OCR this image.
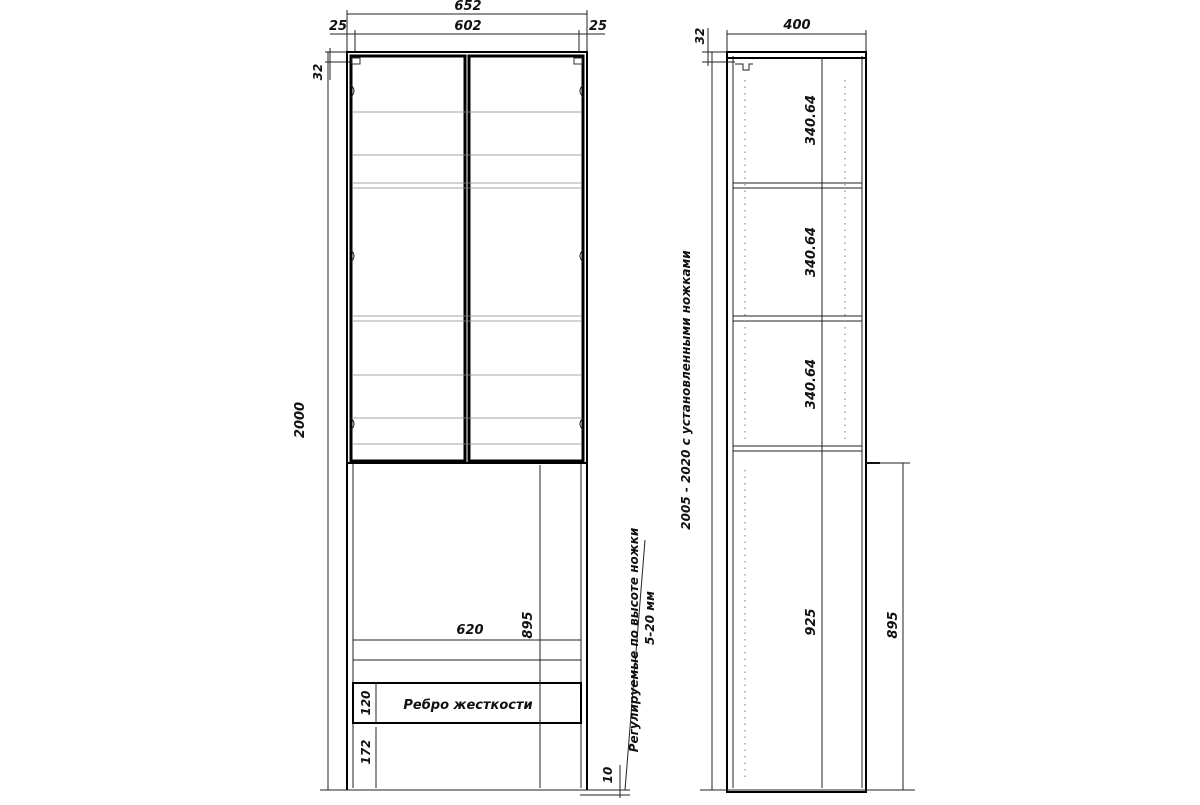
652
602
25	25
32
2000
Ребро жесткости
620	895
120
172	Регулируемые по высоте ножки 5-20 мм
10
400
32
2005 - 2020 с установленными ножками
340.64
340.64
340.64
925	895
